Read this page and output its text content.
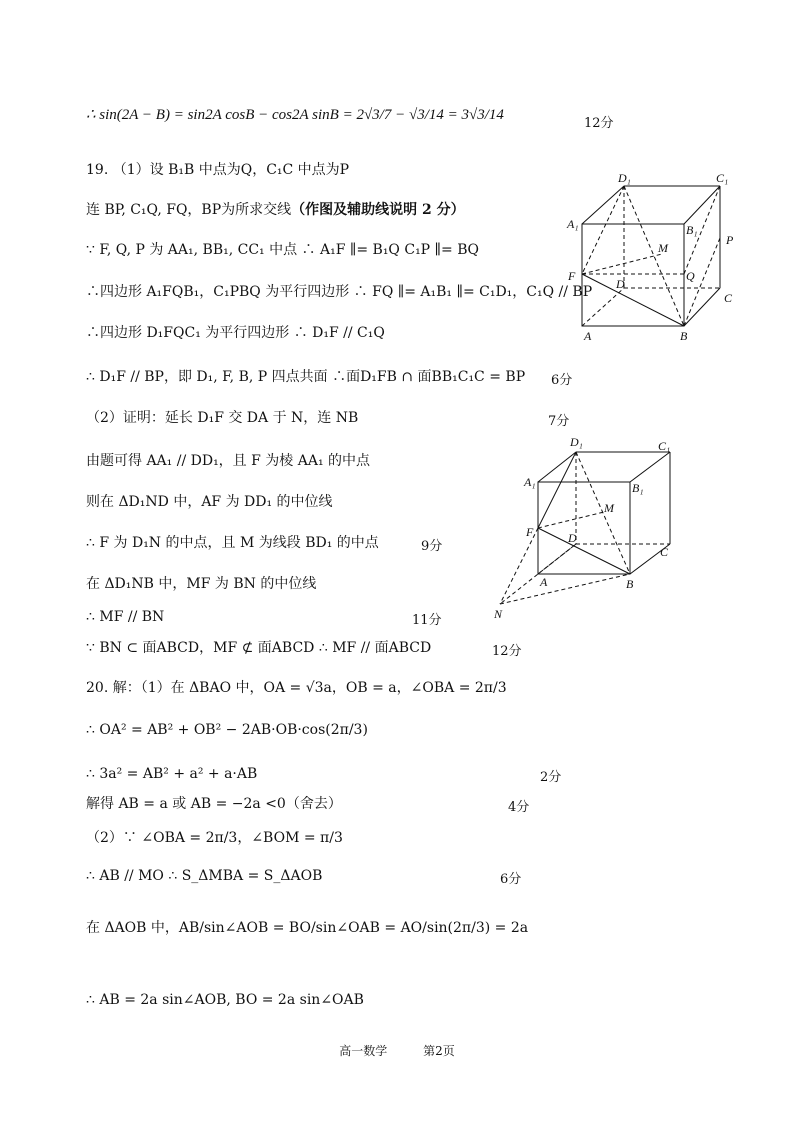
∴ sin(2A − B) = sin2A cosB − cos2A sinB = 2√3/7 − √3/14 = 3√3/14
12分
19. （1）设 B₁B 中点为Q，C₁C 中点为P
连 BP, C₁Q, FQ，BP为所求交线（作图及辅助线说明 2 分）
∵ F, Q, P 为 AA₁, BB₁, CC₁ 中点 ∴ A₁F ∥= B₁Q C₁P ∥= BQ
∴四边形 A₁FQB₁，C₁PBQ 为平行四边形 ∴ FQ ∥= A₁B₁ ∥= C₁D₁，C₁Q // BP
∴四边形 D₁FQC₁ 为平行四边形 ∴ D₁F // C₁Q
∴ D₁F // BP，即 D₁, F, B, P 四点共面 ∴面D₁FB ∩ 面BB₁C₁C = BP 6分
（2）证明：延长 D₁F 交 DA 于 N，连 NB	7分
由题可得 AA₁ // DD₁，且 F 为棱 AA₁ 的中点
则在 ΔD₁ND 中，AF 为 DD₁ 的中位线
∴ F 为 D₁N 的中点，且 M 为线段 BD₁ 的中点	9分
在 ΔD₁NB 中，MF 为 BN 的中位线
∴ MF // BN	11分
∵ BN ⊂ 面ABCD，MF ⊄ 面ABCD ∴ MF // 面ABCD	12分
20. 解：（1）在 ΔBAO 中，OA = √3a，OB = a，∠OBA = 2π/3
∴ OA² = AB² + OB² − 2AB·OB·cos(2π/3)
∴ 3a² = AB² + a² + a·AB	2分
解得 AB = a 或 AB = −2a <0（舍去）	4分
（2）∵ ∠OBA = 2π/3，∠BOM = π/3
∴ AB // MO ∴ S_ΔMBA = S_ΔAOB	6分
在 ΔAOB 中，AB/sin∠AOB = BO/sin∠OAB = AO/sin(2π/3) = 2a
∴ AB = 2a sin∠AOB, BO = 2a sin∠OAB
D₁	C₁
A₁	B₁
M
P
F	Q
D
C
A	B
D₁	C₁
A₁	B₁
M
F	D
C
A	B
N
高一数学	第2页
